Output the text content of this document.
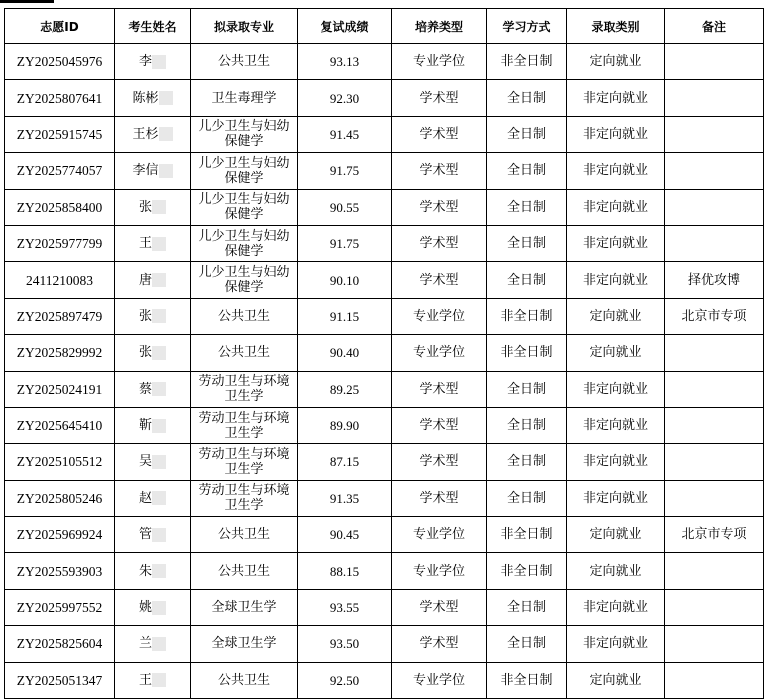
志愿ID	考生姓名	拟录取专业	复试成绩	培养类型	学习方式	录取类别	备注
ZY2025045976	李	公共卫生	93.13	专业学位	非全日制	定向就业	
ZY2025807641	陈彬	卫生毒理学	92.30	学术型	全日制	非定向就业	
ZY2025915745	王杉	儿少卫生与妇幼保健学	91.45	学术型	全日制	非定向就业	
ZY2025774057	李信	儿少卫生与妇幼保健学	91.75	学术型	全日制	非定向就业	
ZY2025858400	张	儿少卫生与妇幼保健学	90.55	学术型	全日制	非定向就业	
ZY2025977799	王	儿少卫生与妇幼保健学	91.75	学术型	全日制	非定向就业	
2411210083	唐	儿少卫生与妇幼保健学	90.10	学术型	全日制	非定向就业	择优攻博
ZY2025897479	张	公共卫生	91.15	专业学位	非全日制	定向就业	北京市专项
ZY2025829992	张	公共卫生	90.40	专业学位	非全日制	定向就业	
ZY2025024191	蔡	劳动卫生与环境卫生学	89.25	学术型	全日制	非定向就业	
ZY2025645410	靳	劳动卫生与环境卫生学	89.90	学术型	全日制	非定向就业	
ZY2025105512	吴	劳动卫生与环境卫生学	87.15	学术型	全日制	非定向就业	
ZY2025805246	赵	劳动卫生与环境卫生学	91.35	学术型	全日制	非定向就业	
ZY2025969924	管	公共卫生	90.45	专业学位	非全日制	定向就业	北京市专项
ZY2025593903	朱	公共卫生	88.15	专业学位	非全日制	定向就业	
ZY2025997552	姚	全球卫生学	93.55	学术型	全日制	非定向就业	
ZY2025825604	兰	全球卫生学	93.50	学术型	全日制	非定向就业	
ZY2025051347	王	公共卫生	92.50	专业学位	非全日制	定向就业	
